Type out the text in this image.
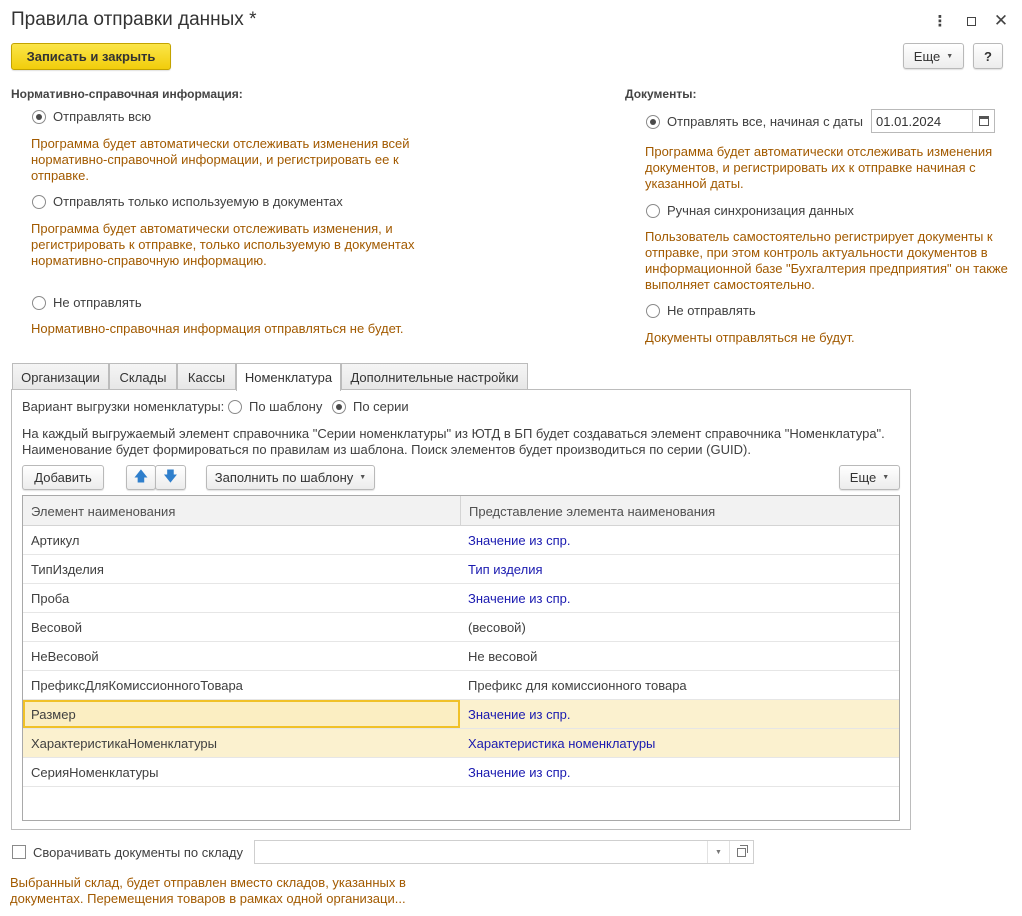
Правила отправки данных *	⋮	✕
Записать и закрыть	Еще ▼	?
Нормативно-справочная информация:
Отправлять всю
Программа будет автоматически отслеживать изменения всей нормативно-справочной информации, и регистрировать ее к отправке.
Отправлять только используемую в документах
Программа будет автоматически отслеживать изменения, и регистрировать к отправке, только используемую в документах нормативно-справочную информацию.
Не отправлять
Нормативно-справочная информация отправляться не будет.
Документы:
Отправлять все, начиная с даты 01.01.2024
Программа будет автоматически отслеживать изменения документов, и регистрировать их к отправке начиная с указанной даты.
Ручная синхронизация данных
Пользователь самостоятельно регистрирует документы к отправке, при этом контроль актуальности документов в информационной базе "Бухгалтерия предприятия" он также выполняет самостоятельно.
Не отправлять
Документы отправляться не будут.
Организации	Склады	Кассы	Номенклатура	Дополнительные настройки
Вариант выгрузки номенклатуры: По шаблону По серии
На каждый выгружаемый элемент справочника "Серии номенклатуры" из ЮТД в БП будет создаваться элемент справочника "Номенклатура".
Наименование будет формироваться по правилам из шаблона. Поиск элементов будет производиться по серии (GUID).
Добавить	🡅 🡇	Заполнить по шаблону ▼	Еще ▼
Элемент наименования	Представление элемента наименования
Артикул	Значение из спр.
ТипИзделия	Тип изделия
Проба	Значение из спр.
Весовой	(весовой)
НеВесовой	Не весовой
ПрефиксДляКомиссионногоТовара	Префикс для комиссионного товара
Размер	Значение из спр.
ХарактеристикаНоменклатуры	Характеристика номенклатуры
СерияНоменклатуры	Значение из спр.
Сворачивать документы по складу	▼
Выбранный склад, будет отправлен вместо складов, указанных в
документах. Перемещения товаров в рамках одной организаци...
